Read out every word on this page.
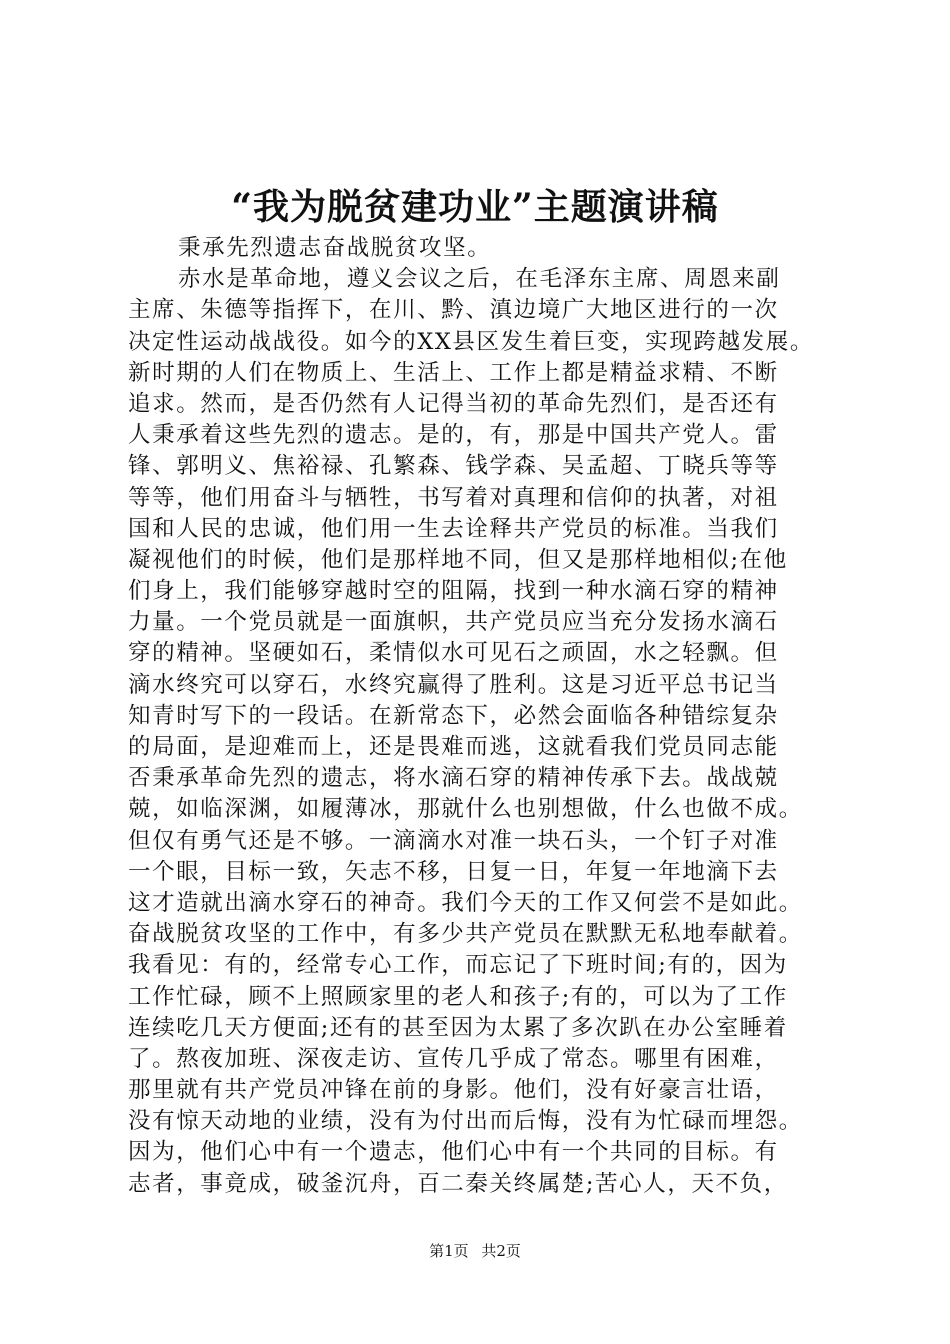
“我为脱贫建功业”主题演讲稿
秉承先烈遗志奋战脱贫攻坚。
赤水是革命地，遵义会议之后，在毛泽东主席、周恩来副
主席、朱德等指挥下，在川、黔、滇边境广大地区进行的一次
决定性运动战战役。如今的XX县区发生着巨变，实现跨越发展。
新时期的人们在物质上、生活上、工作上都是精益求精、不断
追求。然而，是否仍然有人记得当初的革命先烈们，是否还有
人秉承着这些先烈的遗志。是的，有，那是中国共产党人。雷
锋、郭明义、焦裕禄、孔繁森、钱学森、吴孟超、丁晓兵等等
等等，他们用奋斗与牺牲，书写着对真理和信仰的执著，对祖
国和人民的忠诚，他们用一生去诠释共产党员的标准。当我们
凝视他们的时候，他们是那样地不同，但又是那样地相似;在他
们身上，我们能够穿越时空的阻隔，找到一种水滴石穿的精神
力量。一个党员就是一面旗帜，共产党员应当充分发扬水滴石
穿的精神。坚硬如石，柔情似水可见石之顽固，水之轻飘。但
滴水终究可以穿石，水终究赢得了胜利。这是习近平总书记当
知青时写下的一段话。在新常态下，必然会面临各种错综复杂
的局面，是迎难而上，还是畏难而逃，这就看我们党员同志能
否秉承革命先烈的遗志，将水滴石穿的精神传承下去。战战兢
兢，如临深渊，如履薄冰，那就什么也别想做，什么也做不成。
但仅有勇气还是不够。一滴滴水对准一块石头，一个钉子对准
一个眼，目标一致，矢志不移，日复一日，年复一年地滴下去
这才造就出滴水穿石的神奇。我们今天的工作又何尝不是如此。
奋战脱贫攻坚的工作中，有多少共产党员在默默无私地奉献着。
我看见：有的，经常专心工作，而忘记了下班时间;有的，因为
工作忙碌，顾不上照顾家里的老人和孩子;有的，可以为了工作
连续吃几天方便面;还有的甚至因为太累了多次趴在办公室睡着
了。熬夜加班、深夜走访、宣传几乎成了常态。哪里有困难，
那里就有共产党员冲锋在前的身影。他们，没有好豪言壮语，
没有惊天动地的业绩，没有为付出而后悔，没有为忙碌而埋怨。
因为，他们心中有一个遗志，他们心中有一个共同的目标。有
志者，事竟成，破釜沉舟，百二秦关终属楚;苦心人，天不负，
第1页 共2页
